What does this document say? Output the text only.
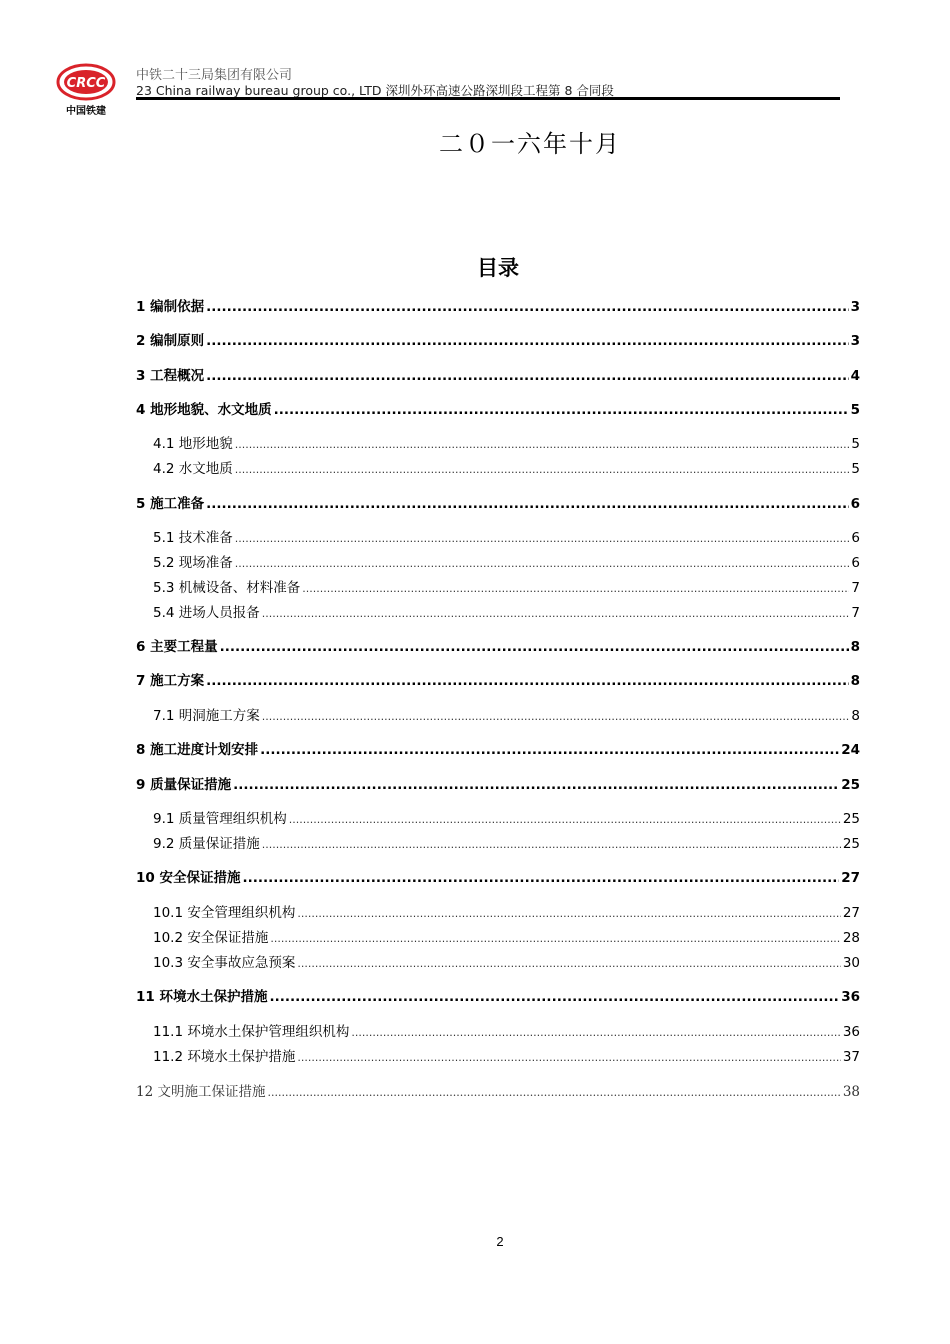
CRCC
中国铁建
中铁二十三局集团有限公司
23 China railway bureau group co., LTD 深圳外环高速公路深圳段工程第 8 合同段
二０一六年十月
目录
1 编制依据 .....	3
2 编制原则 .....	3
3 工程概况 .....	4
4 地形地貌、水文地质 .....	5
4.1 地形地貌 .....	5
4.2 水文地质 .....	5
5 施工准备 .....	6
5.1 技术准备 .....	6
5.2 现场准备 .....	6
5.3 机械设备、材料准备 .....	7
5.4 进场人员报备 .....	7
6 主要工程量 .....	8
7 施工方案 .....	8
7.1 明洞施工方案 .....	8
8 施工进度计划安排 .....	24
9 质量保证措施 .....	25
9.1 质量管理组织机构 .....	25
9.2 质量保证措施 .....	25
10 安全保证措施 .....	27
10.1 安全管理组织机构 .....	27
10.2 安全保证措施 .....	28
10.3 安全事故应急预案 .....	30
11 环境水土保护措施 .....	36
11.1 环境水土保护管理组织机构 .....	36
11.2 环境水土保护措施 .....	37
12 文明施工保证措施 .....	38
2
